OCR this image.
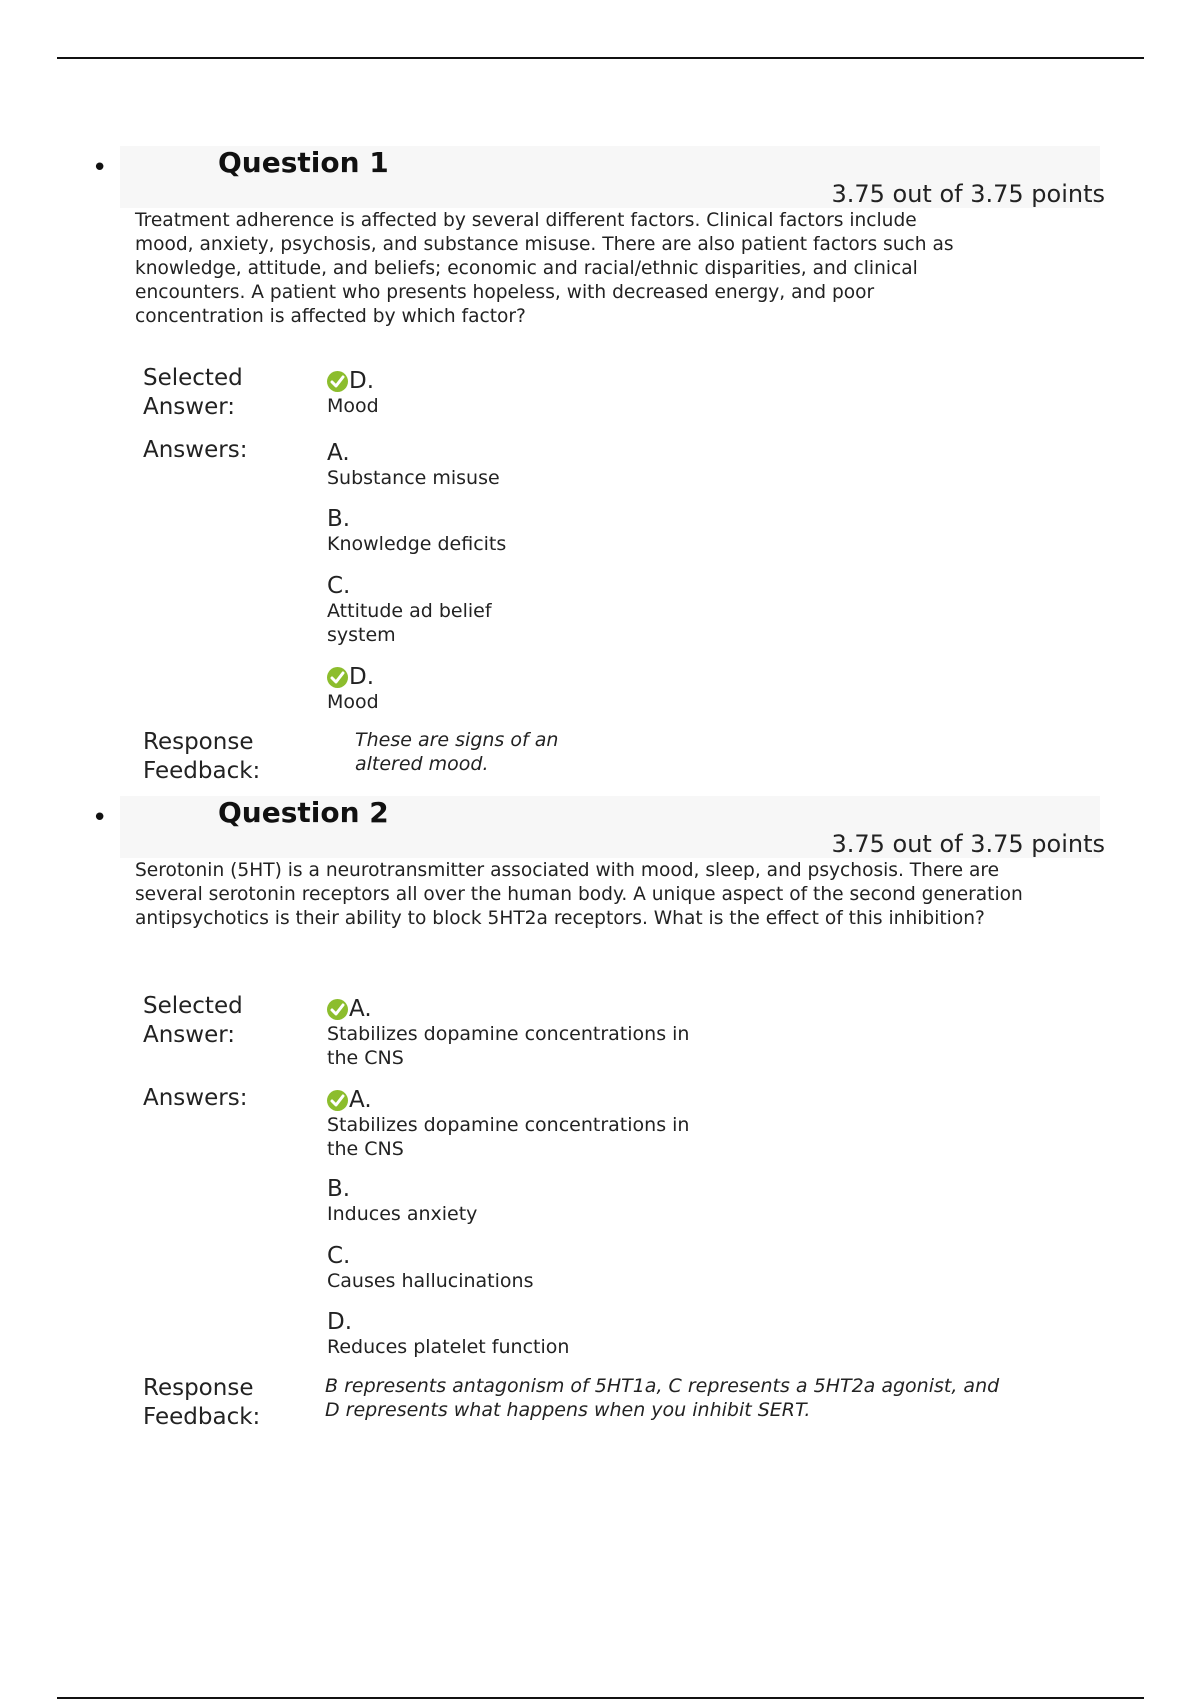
•	Question 1
3.75 out of 3.75 points
Treatment adherence is affected by several different factors. Clinical factors include mood, anxiety, psychosis, and substance misuse. There are also patient factors such as knowledge, attitude, and beliefs; economic and racial/ethnic disparities, and clinical encounters. A patient who presents hopeless, with decreased energy, and poor concentration is affected by which factor?
Selected Answer:
D.
Mood
Answers:	A.
Substance misuse
B.
Knowledge deficits
C.
Attitude ad belief system
D.
Mood
Response Feedback:
These are signs of an altered mood.
•	Question 2
3.75 out of 3.75 points
Serotonin (5HT) is a neurotransmitter associated with mood, sleep, and psychosis. There are several serotonin receptors all over the human body. A unique aspect of the second generation antipsychotics is their ability to block 5HT2a receptors. What is the effect of this inhibition?
Selected Answer:
A.
Stabilizes dopamine concentrations in the CNS
Answers:	A.
Stabilizes dopamine concentrations in the CNS
B.
Induces anxiety
C.
Causes hallucinations
D.
Reduces platelet function
Response Feedback:
B represents antagonism of 5HT1a, C represents a 5HT2a agonist, and D represents what happens when you inhibit SERT.
